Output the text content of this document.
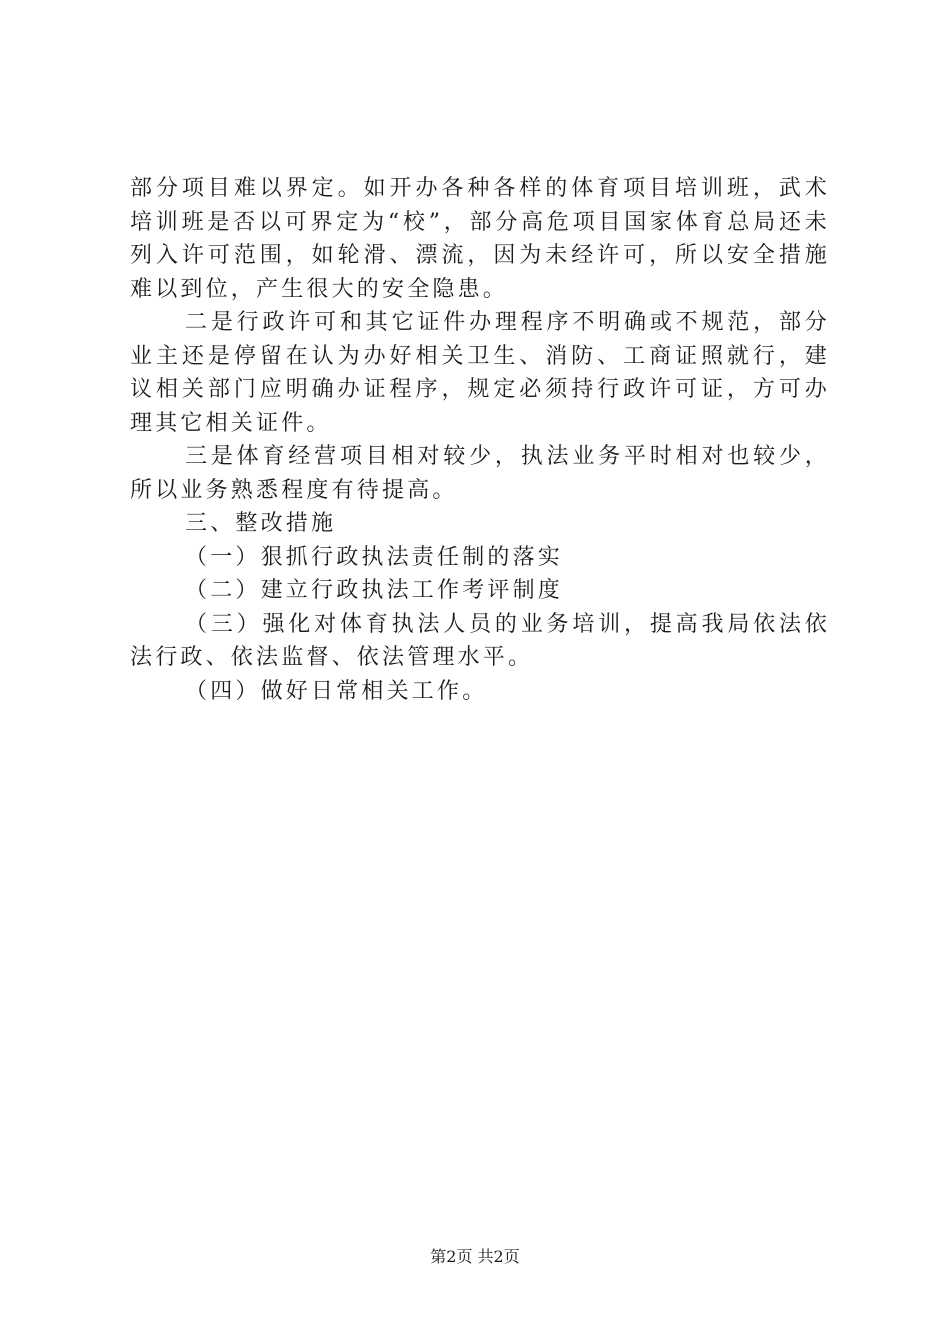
部分项目难以界定。如开办各种各样的体育项目培训班，武术培训班是否以可界定为“校”，部分高危项目国家体育总局还未列入许可范围，如轮滑、漂流，因为未经许可，所以安全措施难以到位，产生很大的安全隐患。

二是行政许可和其它证件办理程序不明确或不规范，部分业主还是停留在认为办好相关卫生、消防、工商证照就行，建议相关部门应明确办证程序，规定必须持行政许可证，方可办理其它相关证件。

三是体育经营项目相对较少，执法业务平时相对也较少，所以业务熟悉程度有待提高。

三、整改措施

（一）狠抓行政执法责任制的落实

（二）建立行政执法工作考评制度

（三）强化对体育执法人员的业务培训，提高我局依法依法行政、依法监督、依法管理水平。

（四）做好日常相关工作。

第2页 共2页
